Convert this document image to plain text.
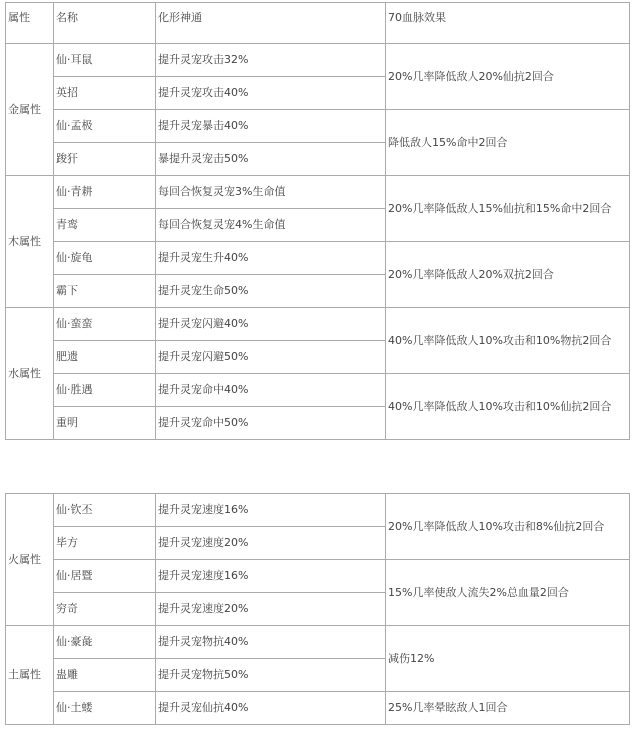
属性	名称	化形神通	70血脉效果
金属性	仙·耳鼠	提升灵宠攻击32%	20%几率降低敌人20%仙抗2回合
	英招	提升灵宠攻击40%	
	仙·孟极	提升灵宠暴击40%	降低敌人15%命中2回合
	踆犴	暴提升灵宠击50%	
木属性	仙·青耕	每回合恢复灵宠3%生命值	20%几率降低敌人15%仙抗和15%命中2回合
	青鸾	每回合恢复灵宠4%生命值	
	仙·旋龟	提升灵宠生升40%	20%几率降低敌人20%双抗2回合
	霸下	提升灵宠生命50%	
水属性	仙·蛮蛮	提升灵宠闪避40%	40%几率降低敌人10%攻击和10%物抗2回合
	肥遗	提升灵宠闪避50%	
	仙·胜遇	提升灵宠命中40%	40%几率降低敌人10%攻击和10%仙抗2回合
	重明	提升灵宠命中50%	
火属性	仙·钦丕	提升灵宠速度16%	20%几率降低敌人10%攻击和8%仙抗2回合
	毕方	提升灵宠速度20%	
	仙·居暨	提升灵宠速度16%	15%几率使敌人流失2%总血量2回合
	穷奇	提升灵宠速度20%	
土属性	仙·豪彘	提升灵宠物抗40%	减伤12%
	蛊雕	提升灵宠物抗50%	
	仙·土蝼	提升灵宠仙抗40%	25%几率晕眩敌人1回合
